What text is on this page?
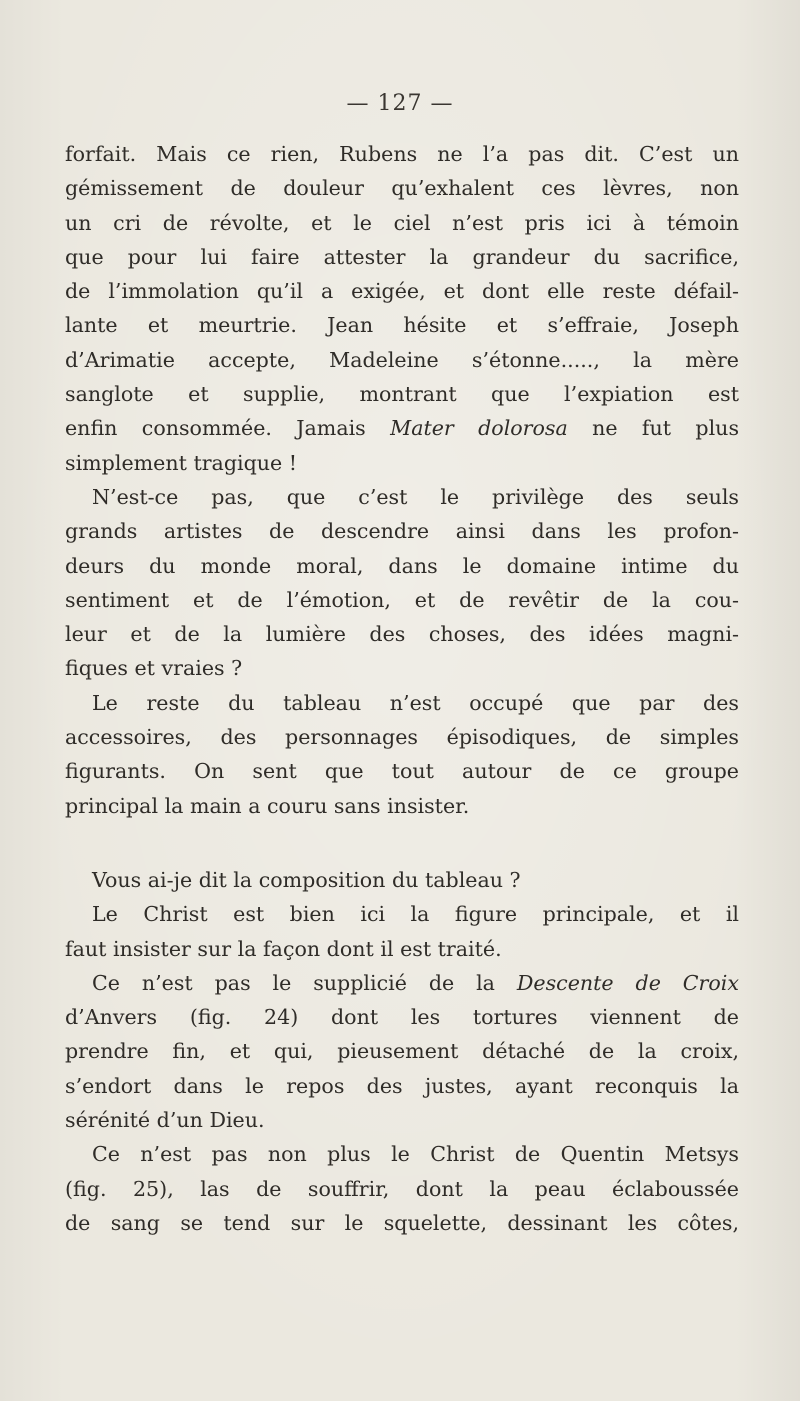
— 127 —
forfait. Mais ce rien, Rubens ne l’a pas dit. C’est un
gémissement de douleur qu’exhalent ces lèvres, non
un cri de révolte, et le ciel n’est pris ici à témoin
que pour lui faire attester la grandeur du sacrifice,
de l’immolation qu’il a exigée, et dont elle reste défail-
lante et meurtrie. Jean hésite et s’effraie, Joseph
d’Arimatie accepte, Madeleine s’étonne....., la mère
sanglote et supplie, montrant que l’expiation est
enfin consommée. Jamais Mater dolorosa ne fut plus
simplement tragique !
N’est-ce pas, que c’est le privilège des seuls
grands artistes de descendre ainsi dans les profon-
deurs du monde moral, dans le domaine intime du
sentiment et de l’émotion, et de revêtir de la cou-
leur et de la lumière des choses, des idées magni-
fiques et vraies ?
Le reste du tableau n’est occupé que par des
accessoires, des personnages épisodiques, de simples
figurants. On sent que tout autour de ce groupe
principal la main a couru sans insister.
Vous ai-je dit la composition du tableau ?
Le Christ est bien ici la figure principale, et il
faut insister sur la façon dont il est traité.
Ce n’est pas le supplicié de la Descente de Croix
d’Anvers (fig. 24) dont les tortures viennent de
prendre fin, et qui, pieusement détaché de la croix,
s’endort dans le repos des justes, ayant reconquis la
sérénité d’un Dieu.
Ce n’est pas non plus le Christ de Quentin Metsys
(fig. 25), las de souffrir, dont la peau éclaboussée
de sang se tend sur le squelette, dessinant les côtes,
